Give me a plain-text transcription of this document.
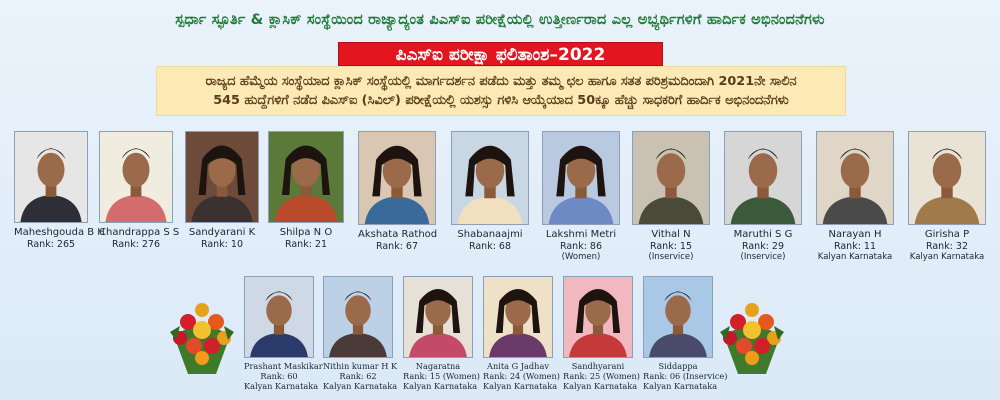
ಸ್ಪರ್ಧಾ ಸ್ಫೂರ್ತಿ & ಕ್ಲಾಸಿಕ್ ಸಂಸ್ಥೆಯಿಂದ ರಾಜ್ಯಾದ್ಯಂತ ಪಿಎಸ್ಐ ಪರೀಕ್ಷೆಯಲ್ಲಿ ಉತ್ತೀರ್ಣರಾದ ಎಲ್ಲ ಅಭ್ಯರ್ಥಿಗಳಿಗೆ ಹಾರ್ದಿಕ ಅಭಿನಂದನೆಗಳು
ಪಿಎಸ್ಐ ಪರೀಕ್ಷಾ ಫಲಿತಾಂಶ–2022
ರಾಜ್ಯದ ಹೆಮ್ಮೆಯ ಸಂಸ್ಥೆಯಾದ ಕ್ಲಾಸಿಕ್ ಸಂಸ್ಥೆಯಲ್ಲಿ ಮಾರ್ಗದರ್ಶನ ಪಡೆದು ಮತ್ತು ತಮ್ಮ ಛಲ ಹಾಗೂ ಸತತ ಪರಿಶ್ರಮದಿಂದಾಗಿ 2021ನೇ ಸಾಲಿನ
545 ಹುದ್ದೆಗಳಿಗೆ ನಡೆದ ಪಿಎಸ್ಐ (ಸಿವಿಲ್) ಪರೀಕ್ಷೆಯಲ್ಲಿ ಯಶಸ್ಸು ಗಳಿಸಿ ಆಯ್ಕೆಯಾದ 50ಕ್ಕೂ ಹೆಚ್ಚು ಸಾಧಕರಿಗೆ ಹಾರ್ದಿಕ ಅಭಿನಂದನೆಗಳು
Maheshgouda B H
Rank: 265
Chandrappa S S
Rank: 276
Sandyarani K
Rank: 10
Shilpa N O
Rank: 21
Akshata Rathod
Rank: 67
Shabanaajmi
Rank: 68
Lakshmi Metri
Rank: 86
(Women)
Vithal N
Rank: 15
(Inservice)
Maruthi S G
Rank: 29
(Inservice)
Narayan H
Rank: 11
Kalyan Karnataka
Girisha P
Rank: 32
Kalyan Karnataka
Prashant Maskikar
Rank: 60
Kalyan Karnataka
Nithin kumar H K
Rank: 62
Kalyan Karnataka
Nagaratna
Rank: 15 (Women)
Kalyan Karnataka
Anita G Jadhav
Rank: 24 (Women)
Kalyan Karnataka
Sandhyarani
Rank: 25 (Women)
Kalyan Karnataka
Siddappa
Rank: 06 (Inservice)
Kalyan Karnataka
